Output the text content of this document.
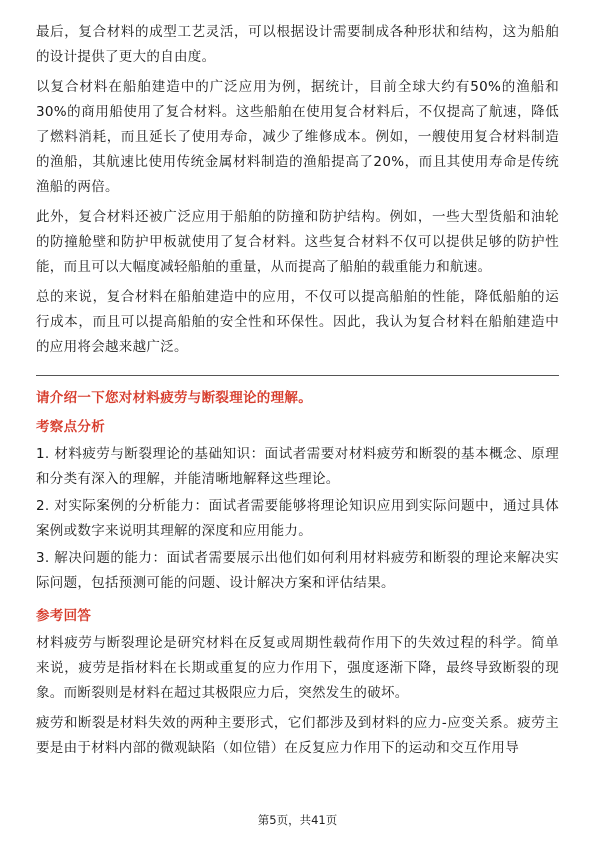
最后，复合材料的成型工艺灵活，可以根据设计需要制成各种形状和结构，这为船舶的设计提供了更大的自由度。

以复合材料在船舶建造中的广泛应用为例，据统计，目前全球大约有50%的渔船和30%的商用船使用了复合材料。这些船舶在使用复合材料后，不仅提高了航速，降低了燃料消耗，而且延长了使用寿命，减少了维修成本。例如，一艘使用复合材料制造的渔船，其航速比使用传统金属材料制造的渔船提高了20%，而且其使用寿命是传统渔船的两倍。

此外，复合材料还被广泛应用于船舶的防撞和防护结构。例如，一些大型货船和油轮的防撞舱壁和防护甲板就使用了复合材料。这些复合材料不仅可以提供足够的防护性能，而且可以大幅度减轻船舶的重量，从而提高了船舶的载重能力和航速。

总的来说，复合材料在船舶建造中的应用，不仅可以提高船舶的性能，降低船舶的运行成本，而且可以提高船舶的安全性和环保性。因此，我认为复合材料在船舶建造中的应用将会越来越广泛。

请介绍一下您对材料疲劳与断裂理论的理解。
考察点分析

1. 材料疲劳与断裂理论的基础知识：面试者需要对材料疲劳和断裂的基本概念、原理和分类有深入的理解，并能清晰地解释这些理论。

2. 对实际案例的分析能力：面试者需要能够将理论知识应用到实际问题中，通过具体案例或数字来说明其理解的深度和应用能力。

3. 解决问题的能力：面试者需要展示出他们如何利用材料疲劳和断裂的理论来解决实际问题，包括预测可能的问题、设计解决方案和评估结果。

参考回答

材料疲劳与断裂理论是研究材料在反复或周期性载荷作用下的失效过程的科学。简单来说，疲劳是指材料在长期或重复的应力作用下，强度逐渐下降，最终导致断裂的现象。而断裂则是材料在超过其极限应力后，突然发生的破坏。

疲劳和断裂是材料失效的两种主要形式，它们都涉及到材料的应力-应变关系。疲劳主要是由于材料内部的微观缺陷（如位错）在反复应力作用下的运动和交互作用导

第5页，共41页
